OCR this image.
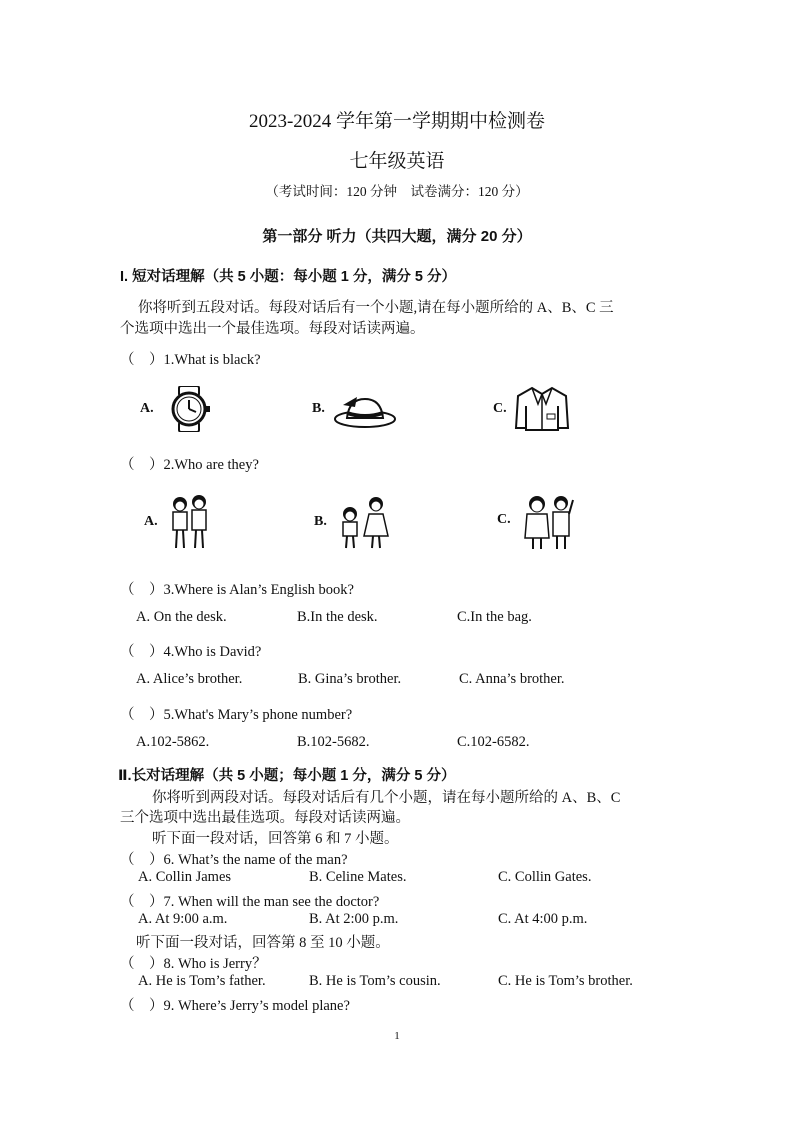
2023-2024 学年第一学期期中检测卷
七年级英语
（考试时间：120 分钟　试卷满分：120 分）
第一部分 听力（共四大题，满分 20 分）
I. 短对话理解（共 5 小题：每小题 1 分，满分 5 分）
你将听到五段对话。每段对话后有一个小题,请在每小题所给的 A、B、C 三
个选项中选出一个最佳选项。每段对话读两遍。
（　）1.What is black?
A.	B.	C.
（　）2.Who are they?
A.	B.	C.
（　）3.Where is Alan’s English book?
A. On the desk.	B.In the desk.	C.In the bag.
（　）4.Who is David?
A. Alice’s brother.	B. Gina’s brother.	C. Anna’s brother.
（　）5.What's Mary’s phone number?
A.102-5862.	B.102-5682.	C.102-6582.
Ⅱ.长对话理解（共 5 小题；每小题 1 分，满分 5 分）
你将听到两段对话。每段对话后有几个小题，请在每小题所给的 A、B、C
三个选项中选出最佳选项。每段对话读两遍。
听下面一段对话，回答第 6 和 7 小题。
（　）6. What’s the name of the man?
A. Collin James	B. Celine Mates.	C. Collin Gates.
（　）7. When will the man see the doctor?
A. At 9:00 a.m.	B. At 2:00 p.m.	C. At 4:00 p.m.
听下面一段对话，回答第 8 至 10 小题。
（　）8. Who is Jerry？
A. He is Tom’s father.	B. He is Tom’s cousin.	C. He is Tom’s brother.
（　）9. Where’s Jerry’s model plane?
1
